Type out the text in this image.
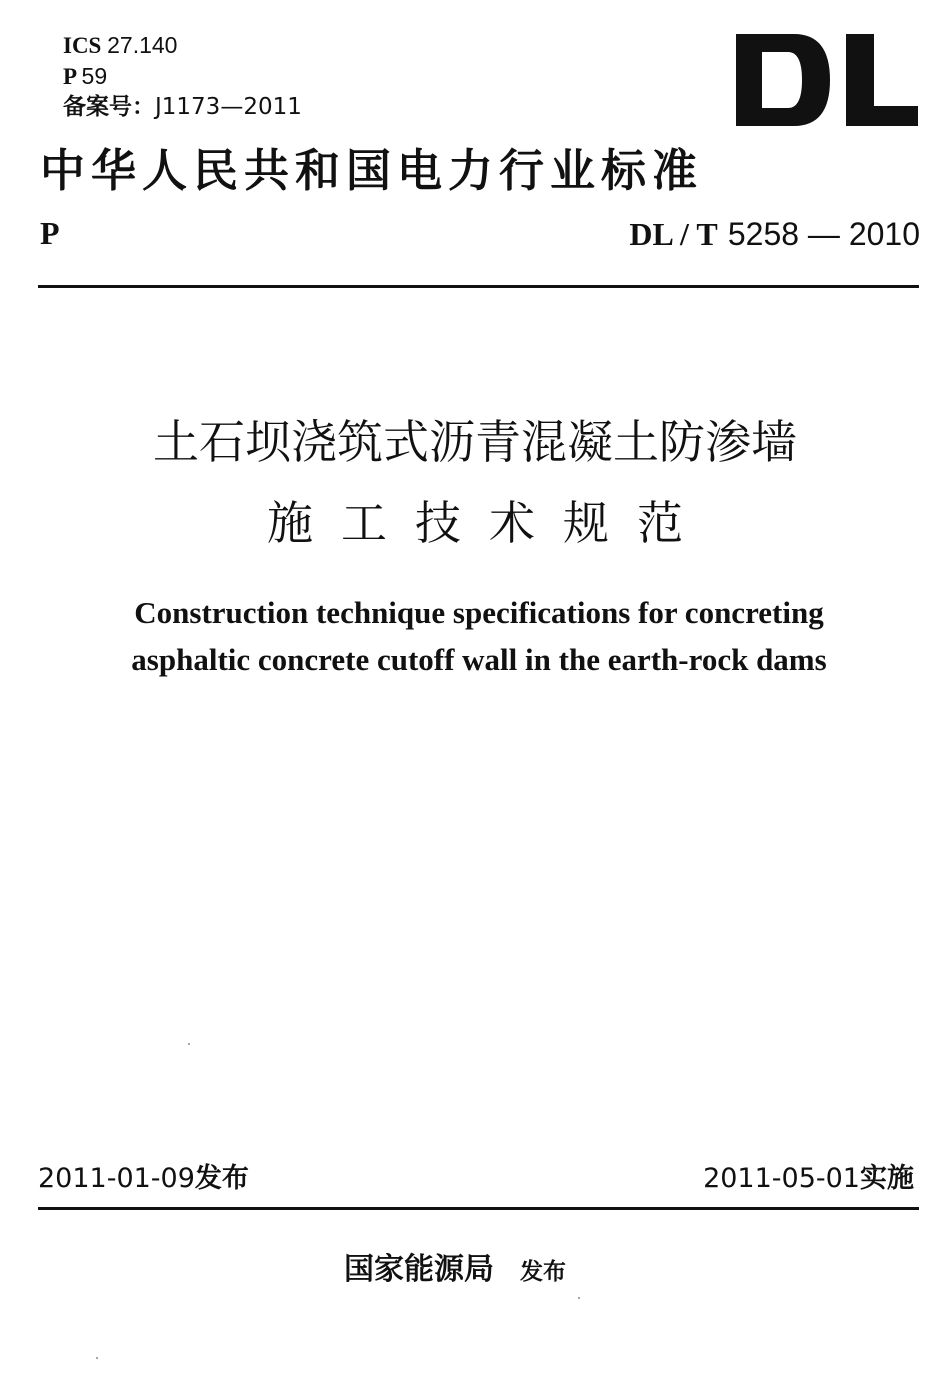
ICS 27.140
P 59
备案号：J1173—2011
中华人民共和国电力行业标准
P	DL / T 5258 — 2010
土石坝浇筑式沥青混凝土防渗墙
施工技术规范
Construction technique specifications for concreting
asphaltic concrete cutoff wall in the earth-rock dams
2011-01-09发布	2011-05-01实施
国家能源局 发布
